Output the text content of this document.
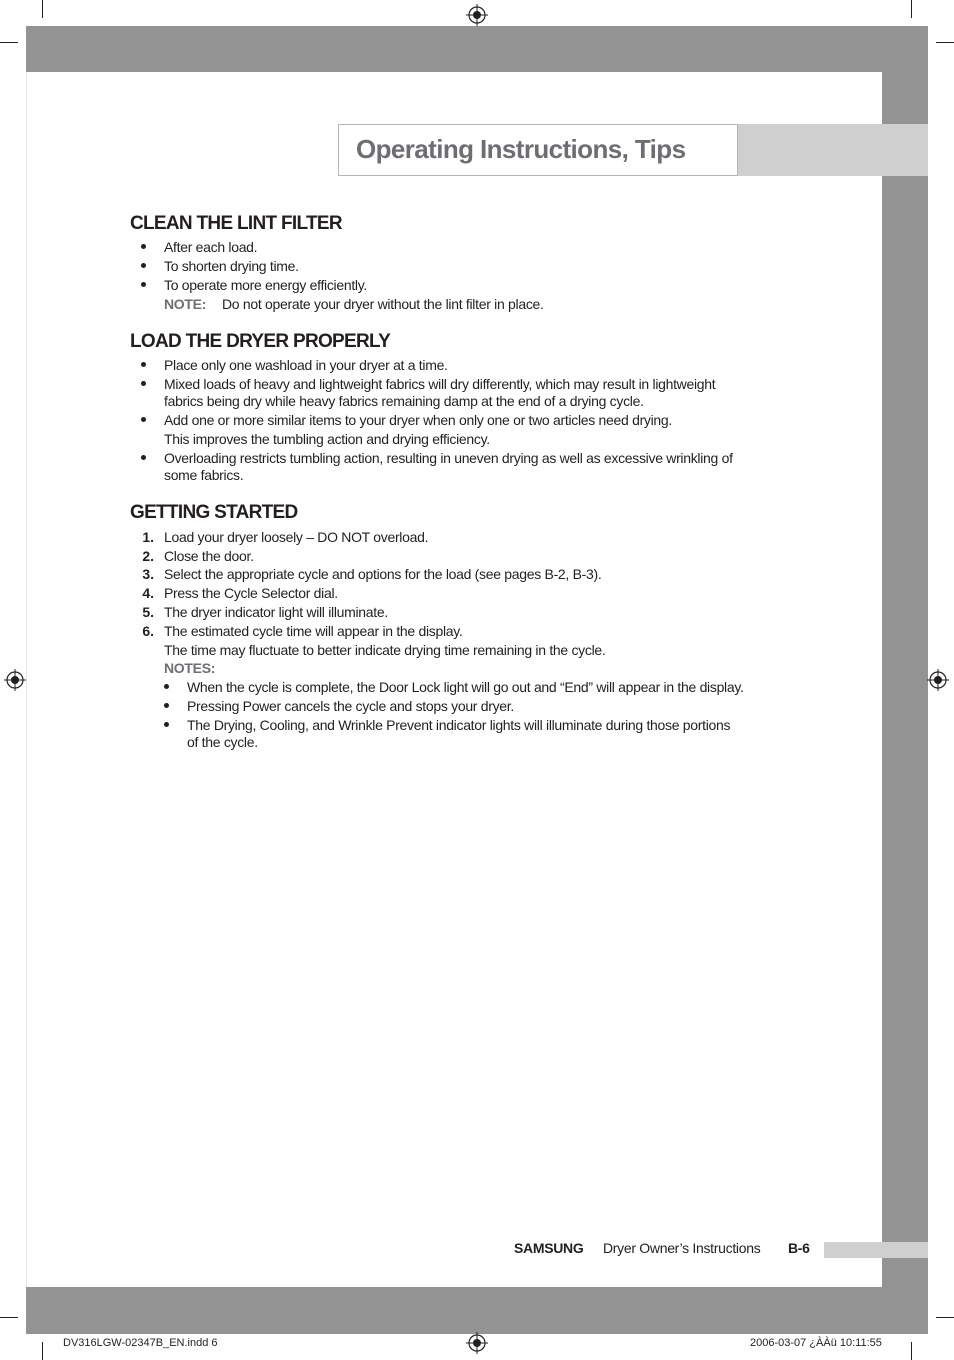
Operating Instructions, Tips
CLEAN THE LINT FILTER
After each load.
To shorten drying time.
To operate more energy efficiently.
NOTE: Do not operate your dryer without the lint filter in place.
LOAD THE DRYER PROPERLY
Place only one washload in your dryer at a time.
Mixed loads of heavy and lightweight fabrics will dry differently, which may result in lightweight
fabrics being dry while heavy fabrics remaining damp at the end of a drying cycle.
Add one or more similar items to your dryer when only one or two articles need drying.
This improves the tumbling action and drying efficiency.
Overloading restricts tumbling action, resulting in uneven drying as well as excessive wrinkling of
some fabrics.
GETTING STARTED
1. Load your dryer loosely – DO NOT overload.
2. Close the door.
3. Select the appropriate cycle and options for the load (see pages B-2, B-3).
4. Press the Cycle Selector dial.
5. The dryer indicator light will illuminate.
6. The estimated cycle time will appear in the display.
The time may fluctuate to better indicate drying time remaining in the cycle.
NOTES:
When the cycle is complete, the Door Lock light will go out and “End” will appear in the display.
Pressing Power cancels the cycle and stops your dryer.
The Drying, Cooling, and Wrinkle Prevent indicator lights will illuminate during those portions
of the cycle.
SAMSUNG Dryer Owner’s Instructions B-6
DV316LGW-02347B_EN.indd 6	2006-03-07 ¿ÀÀü 10:11:55
